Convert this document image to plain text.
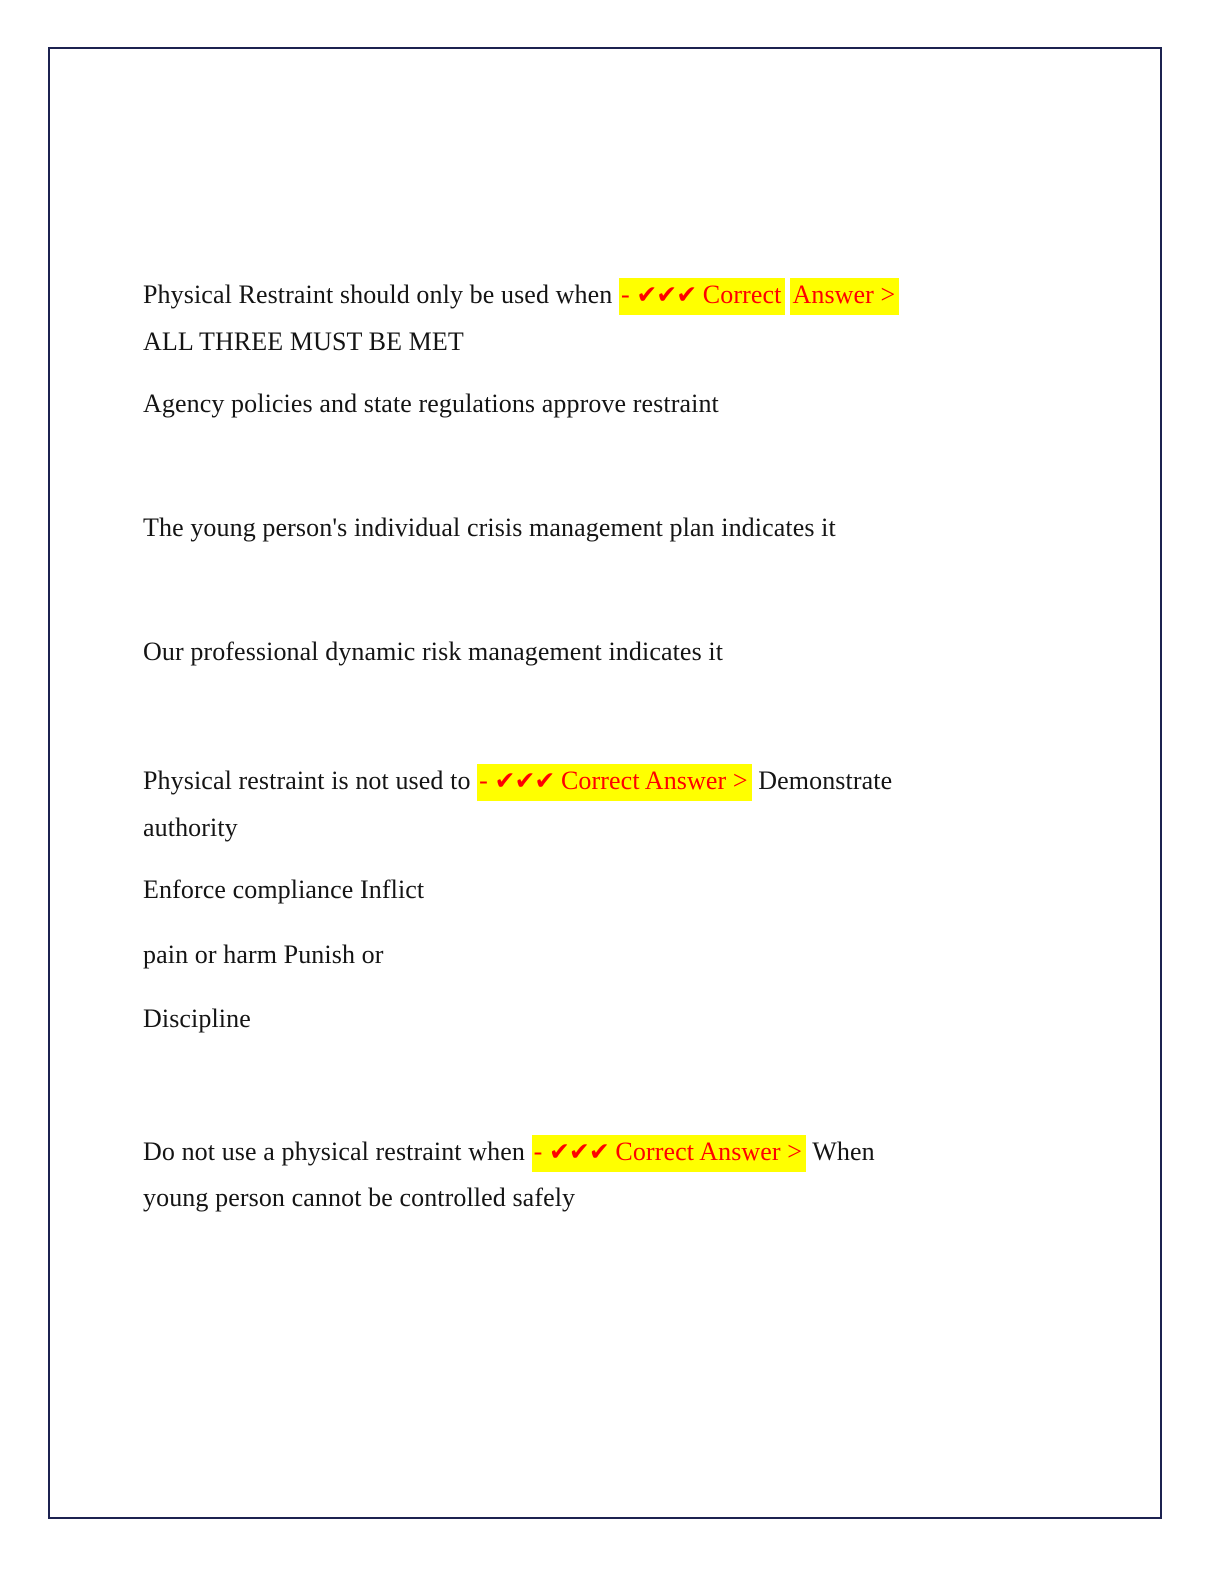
Physical Restraint should only be used when - ✔✔✔ Correct Answer >
ALL THREE MUST BE MET
Agency policies and state regulations approve restraint
The young person's individual crisis management plan indicates it
Our professional dynamic risk management indicates it
Physical restraint is not used to - ✔✔✔ Correct Answer > Demonstrate
authority
Enforce compliance Inflict
pain or harm Punish or
Discipline
Do not use a physical restraint when - ✔✔✔ Correct Answer > When
young person cannot be controlled safely
